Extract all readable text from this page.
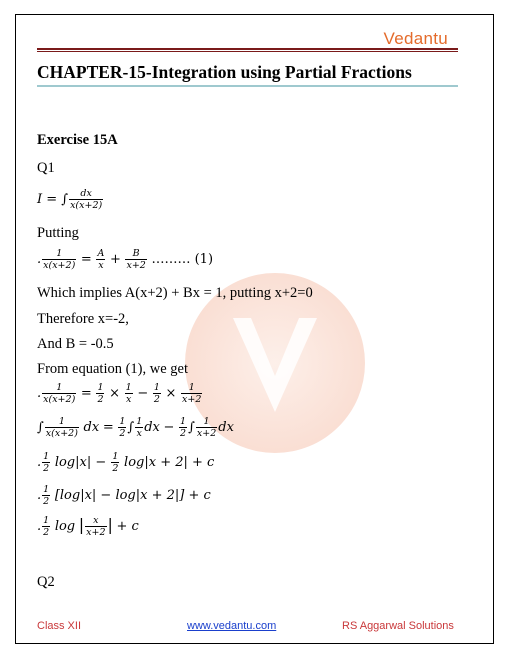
Vedantu
CHAPTER-15-Integration using Partial Fractions
Exercise 15A
Q1
I = ∫ $\frac{dx}{x(x+2)}$
Putting
. $\frac{1}{x(x+2)} = \frac{A}{x} + \frac{B}{x+2}$ ……… (1)
Which implies A(x+2) + Bx = 1, putting x+2=0
Therefore x=-2,
And B = -0.5
From equation (1), we get
. $\frac{1}{x(x+2)} = \frac{1}{2} \times \frac{1}{x} - \frac{1}{2} \times \frac{1}{x+2}$
∫ $\frac{1}{x(x+2)}$ dx = $\frac{1}{2}$ ∫ $\frac{1}{x}$ dx − $\frac{1}{2}$ ∫ $\frac{1}{x+2}$ dx
. $\frac{1}{2} \log|x| - \frac{1}{2} \log|x + 2| + c$
. $\frac{1}{2} [\log|x| - \log|x + 2|] + c$
. $\frac{1}{2}$ log | $\frac{x}{x+2}$ | + c
Q2
Class XII	www.vedantu.com	RS Aggarwal Solutions
